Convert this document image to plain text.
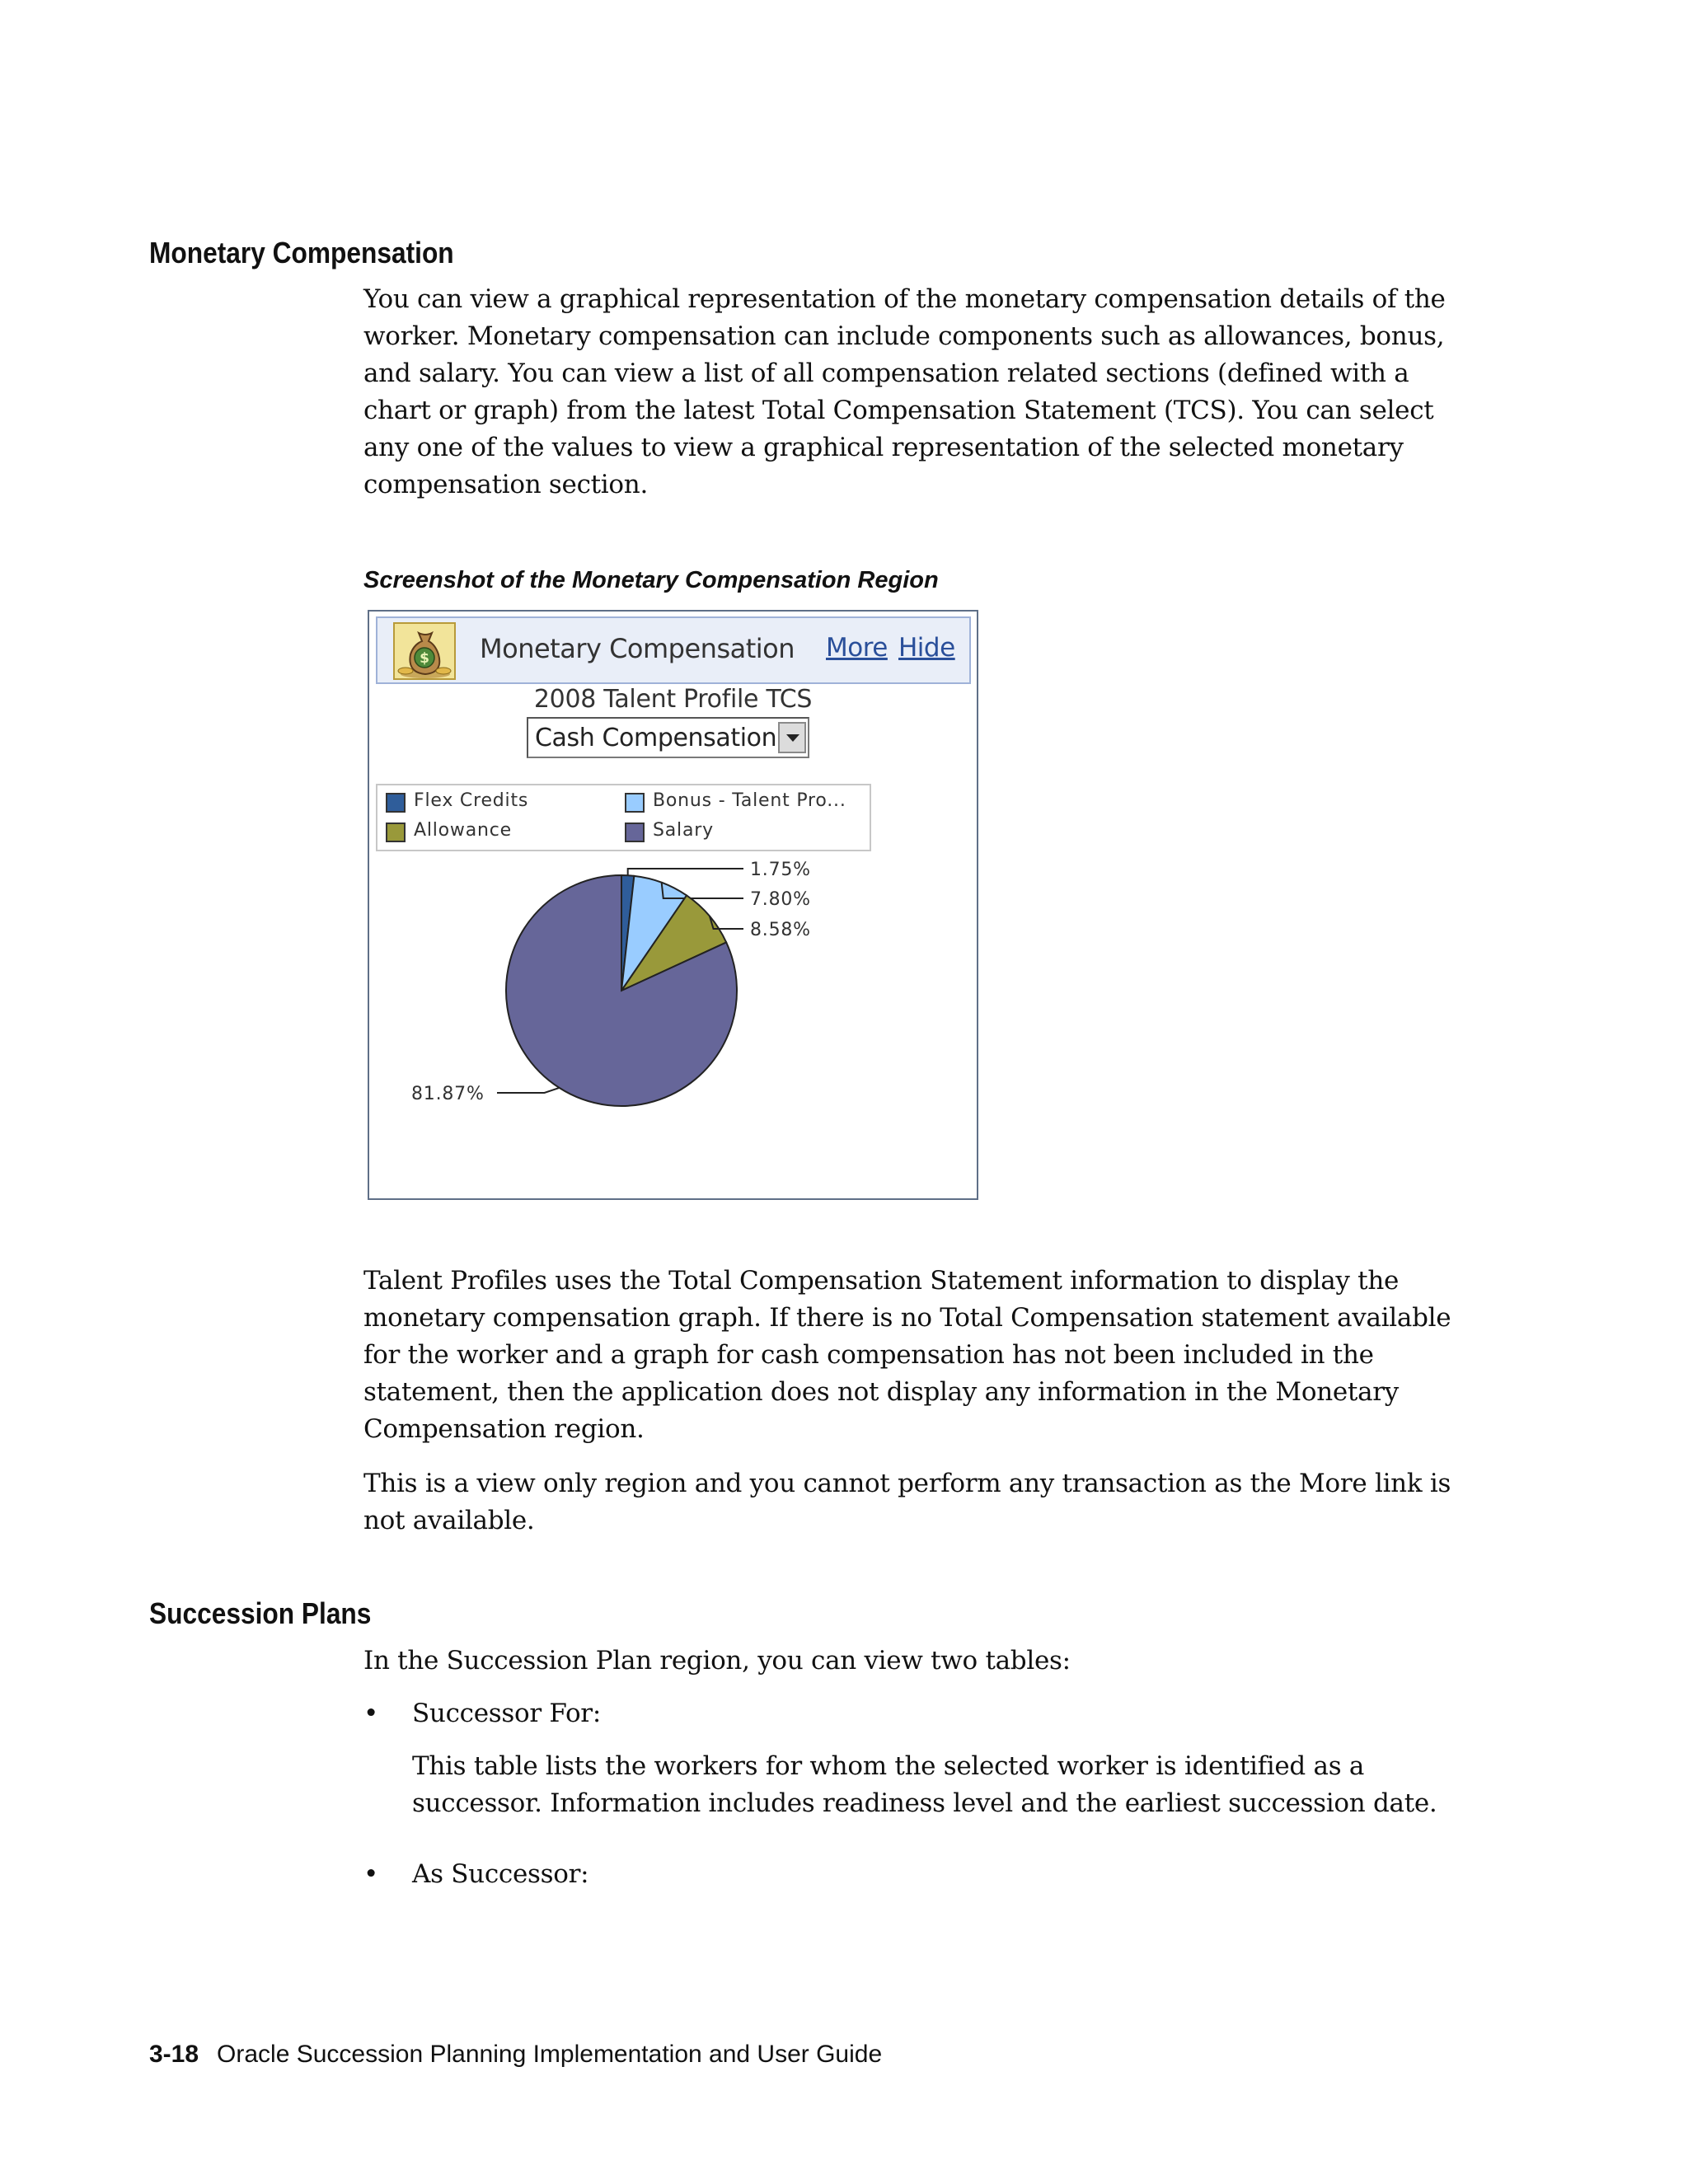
Monetary Compensation
You can view a graphical representation of the monetary compensation details of the worker. Monetary compensation can include components such as allowances, bonus, and salary. You can view a list of all compensation related sections (defined with a chart or graph) from the latest Total Compensation Statement (TCS). You can select any one of the values to view a graphical representation of the selected monetary compensation section.
Screenshot of the Monetary Compensation Region
$ Monetary Compensation More Hide
2008 Talent Profile TCS
Cash Compensation
Flex Credits	Bonus - Talent Pro...
Allowance	Salary
1.75%
7.80%
8.58%
81.87%
Talent Profiles uses the Total Compensation Statement information to display the monetary compensation graph. If there is no Total Compensation statement available for the worker and a graph for cash compensation has not been included in the statement, then the application does not display any information in the Monetary Compensation region.
This is a view only region and you cannot perform any transaction as the More link is not available.
Succession Plans
In the Succession Plan region, you can view two tables:
• Successor For:
This table lists the workers for whom the selected worker is identified as a successor. Information includes readiness level and the earliest succession date.
• As Successor:
3-18 Oracle Succession Planning Implementation and User Guide
